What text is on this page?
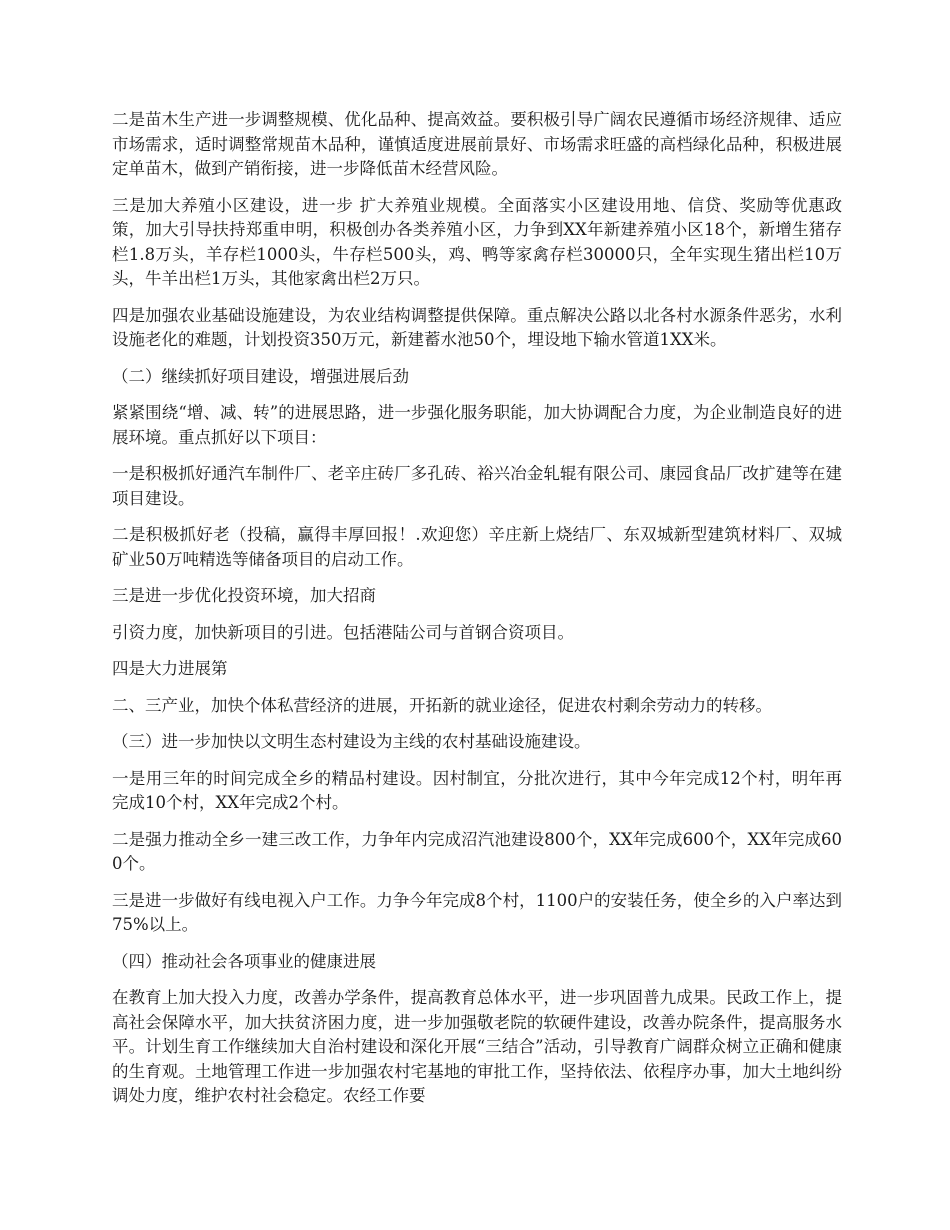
二是苗木生产进一步调整规模、优化品种、提高效益。要积极引导广阔农民遵循市场经济规律、适应市场需求，适时调整常规苗木品种，谨慎适度进展前景好、市场需求旺盛的高档绿化品种，积极进展定单苗木，做到产销衔接，进一步降低苗木经营风险。

三是加大养殖小区建设，进一步 扩大养殖业规模。全面落实小区建设用地、信贷、奖励等优惠政策，加大引导扶持郑重申明，积极创办各类养殖小区，力争到XX年新建养殖小区18个，新增生猪存栏1.8万头，羊存栏1000头，牛存栏500头，鸡、鸭等家禽存栏30000只，全年实现生猪出栏10万头，牛羊出栏1万头，其他家禽出栏2万只。

四是加强农业基础设施建设，为农业结构调整提供保障。重点解决公路以北各村水源条件恶劣，水利设施老化的难题，计划投资350万元，新建蓄水池50个，埋设地下输水管道1XX米。

（二）继续抓好项目建设，增强进展后劲

紧紧围绕“增、减、转”的进展思路，进一步强化服务职能，加大协调配合力度，为企业制造良好的进展环境。重点抓好以下项目：

一是积极抓好通汽车制件厂、老辛庄砖厂多孔砖、裕兴冶金轧辊有限公司、康园食品厂改扩建等在建项目建设。

二是积极抓好老（投稿，赢得丰厚回报！.欢迎您）辛庄新上烧结厂、东双城新型建筑材料厂、双城矿业50万吨精选等储备项目的启动工作。

三是进一步优化投资环境，加大招商

引资力度，加快新项目的引进。包括港陆公司与首钢合资项目。

四是大力进展第

二、三产业，加快个体私营经济的进展，开拓新的就业途径，促进农村剩余劳动力的转移。

（三）进一步加快以文明生态村建设为主线的农村基础设施建设。

一是用三年的时间完成全乡的精品村建设。因村制宜，分批次进行，其中今年完成12个村，明年再完成10个村，XX年完成2个村。

二是强力推动全乡一建三改工作，力争年内完成沼汽池建设800个，XX年完成600个，XX年完成600个。

三是进一步做好有线电视入户工作。力争今年完成8个村，1100户的安装任务，使全乡的入户率达到75%以上。

（四）推动社会各项事业的健康进展

在教育上加大投入力度，改善办学条件，提高教育总体水平，进一步巩固普九成果。民政工作上，提高社会保障水平，加大扶贫济困力度，进一步加强敬老院的软硬件建设，改善办院条件，提高服务水平。计划生育工作继续加大自治村建设和深化开展“三结合”活动，引导教育广阔群众树立正确和健康的生育观。土地管理工作进一步加强农村宅基地的审批工作，坚持依法、依程序办事，加大土地纠纷调处力度，维护农村社会稳定。农经工作要
